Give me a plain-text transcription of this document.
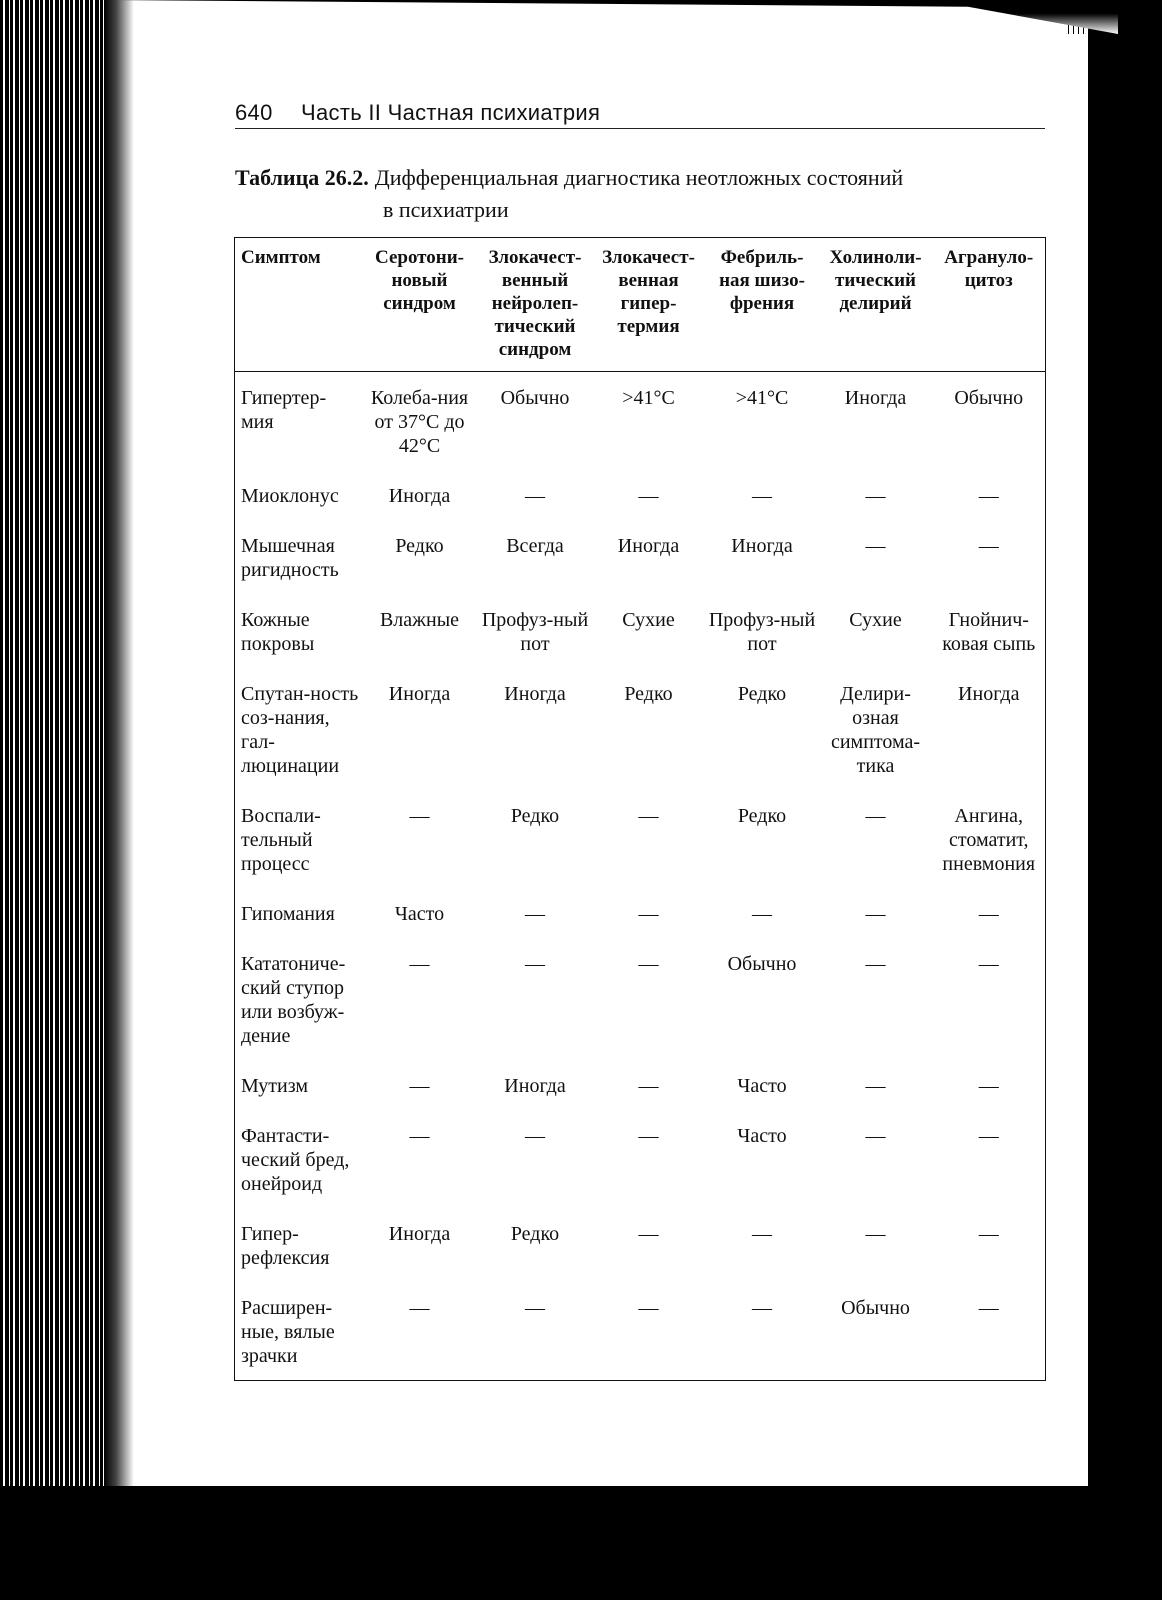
640 Часть II Частная психиатрия
Таблица 26.2. Дифференциальная диагностика неотложных состояний
в психиатрии
Симптом	Серотони-новый синдром	Злокачест-венный нейролеп-тический синдром	Злокачест-венная гипер-термия	Фебриль-ная шизо-френия	Холиноли-тический делирий	Агрануло-цитоз
Гипертер-мия	Колеба-ния от 37°С до 42°С	Обычно	>41°С	>41°С	Иногда	Обычно
Миоклонус	Иногда	—	—	—	—	—
Мышечная ригидность	Редко	Всегда	Иногда	Иногда	—	—
Кожные покровы	Влажные	Профуз-ный пот	Сухие	Профуз-ный пот	Сухие	Гнойнич-ковая сыпь
Спутан-ность соз-нания, гал-люцинации	Иногда	Иногда	Редко	Редко	Делири-озная симптома-тика	Иногда
Воспали-тельный процесс	—	Редко	—	Редко	—	Ангина, стоматит, пневмония
Гипомания	Часто	—	—	—	—	—
Кататониче-ский ступор или возбуж-дение	—	—	—	Обычно	—	—
Мутизм	—	Иногда	—	Часто	—	—
Фантасти-ческий бред, онейроид	—	—	—	Часто	—	—
Гипер-рефлексия	Иногда	Редко	—	—	—	—
Расширен-ные, вялые зрачки	—	—	—	—	Обычно	—
